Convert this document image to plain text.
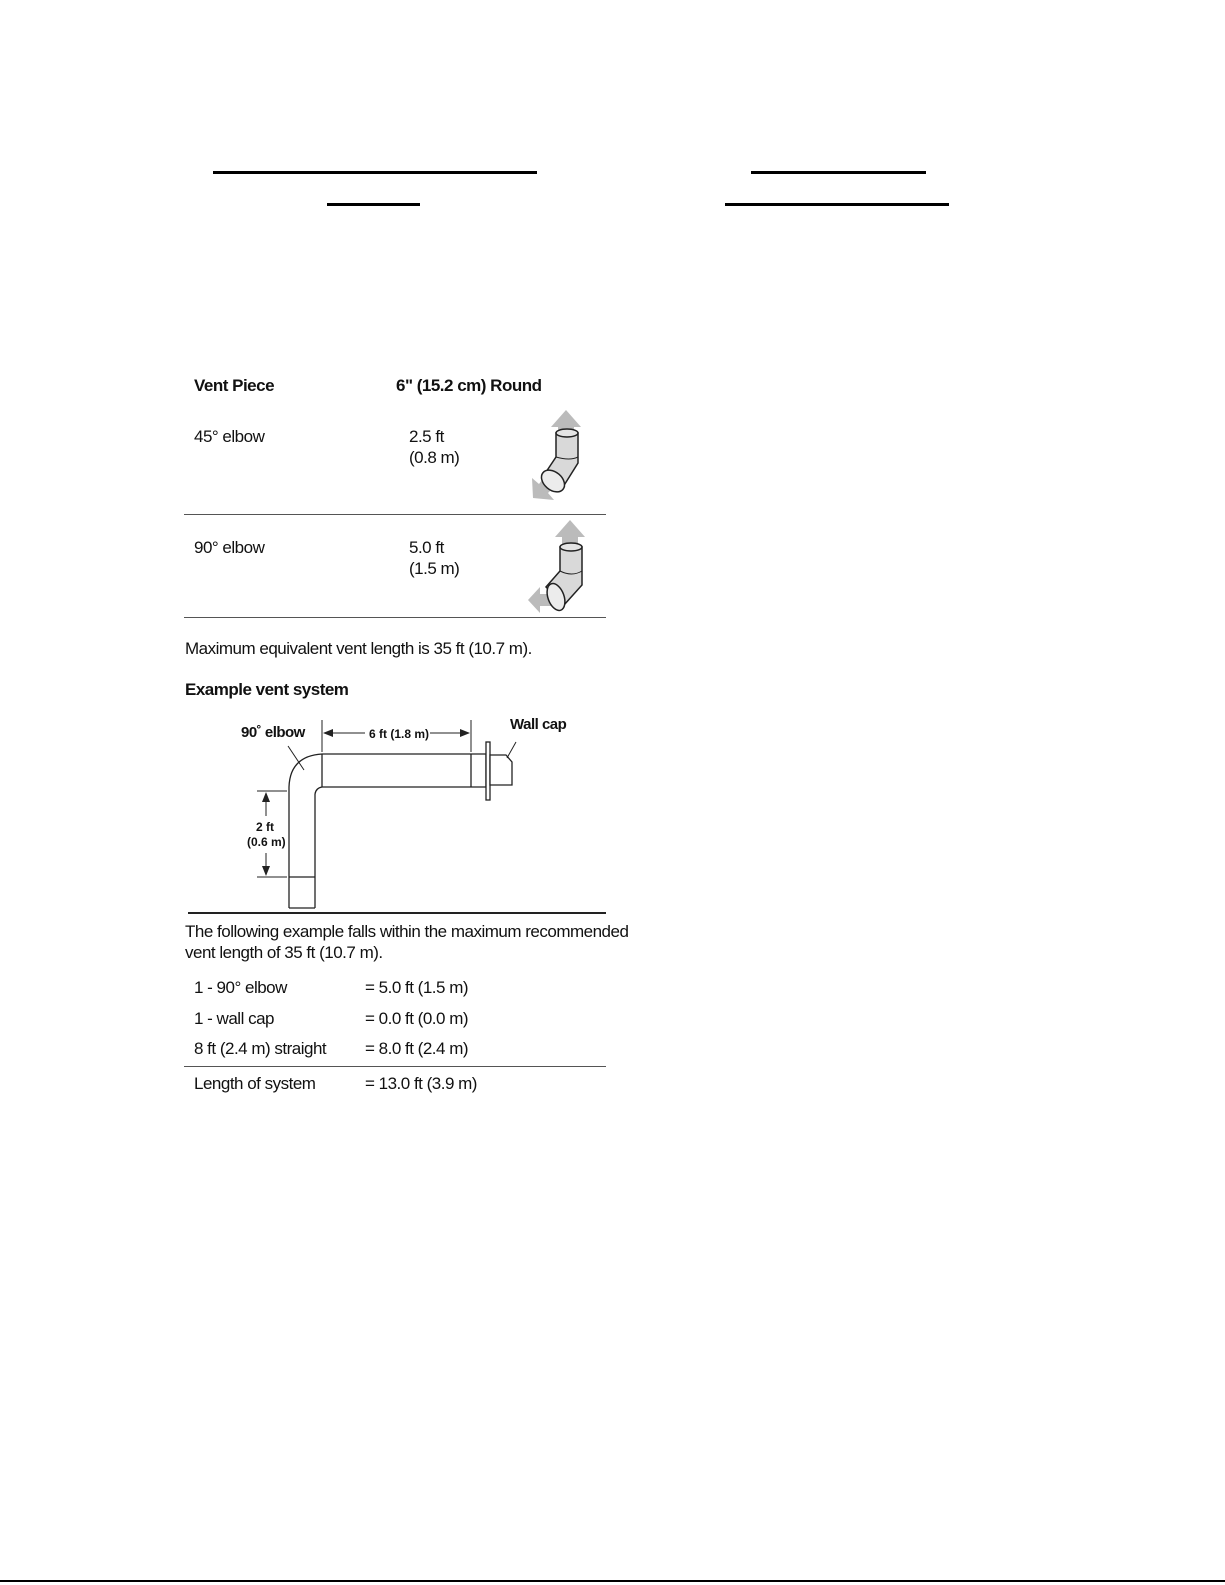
Vent Piece	6" (15.2 cm) Round
45° elbow	2.5 ft
(0.8 m)
90° elbow	5.0 ft
(1.5 m)
Maximum equivalent vent length is 35 ft (10.7 m).
Example vent system
90˚ elbow	6 ft (1.8 m)
Wall cap
2 ft
(0.6 m)
The following example falls within the maximum recommended
vent length of 35 ft (10.7 m).
1 - 90° elbow	= 5.0 ft (1.5 m)
1 - wall cap	= 0.0 ft (0.0 m)
8 ft (2.4 m) straight = 8.0 ft (2.4 m)
Length of system	= 13.0 ft (3.9 m)
